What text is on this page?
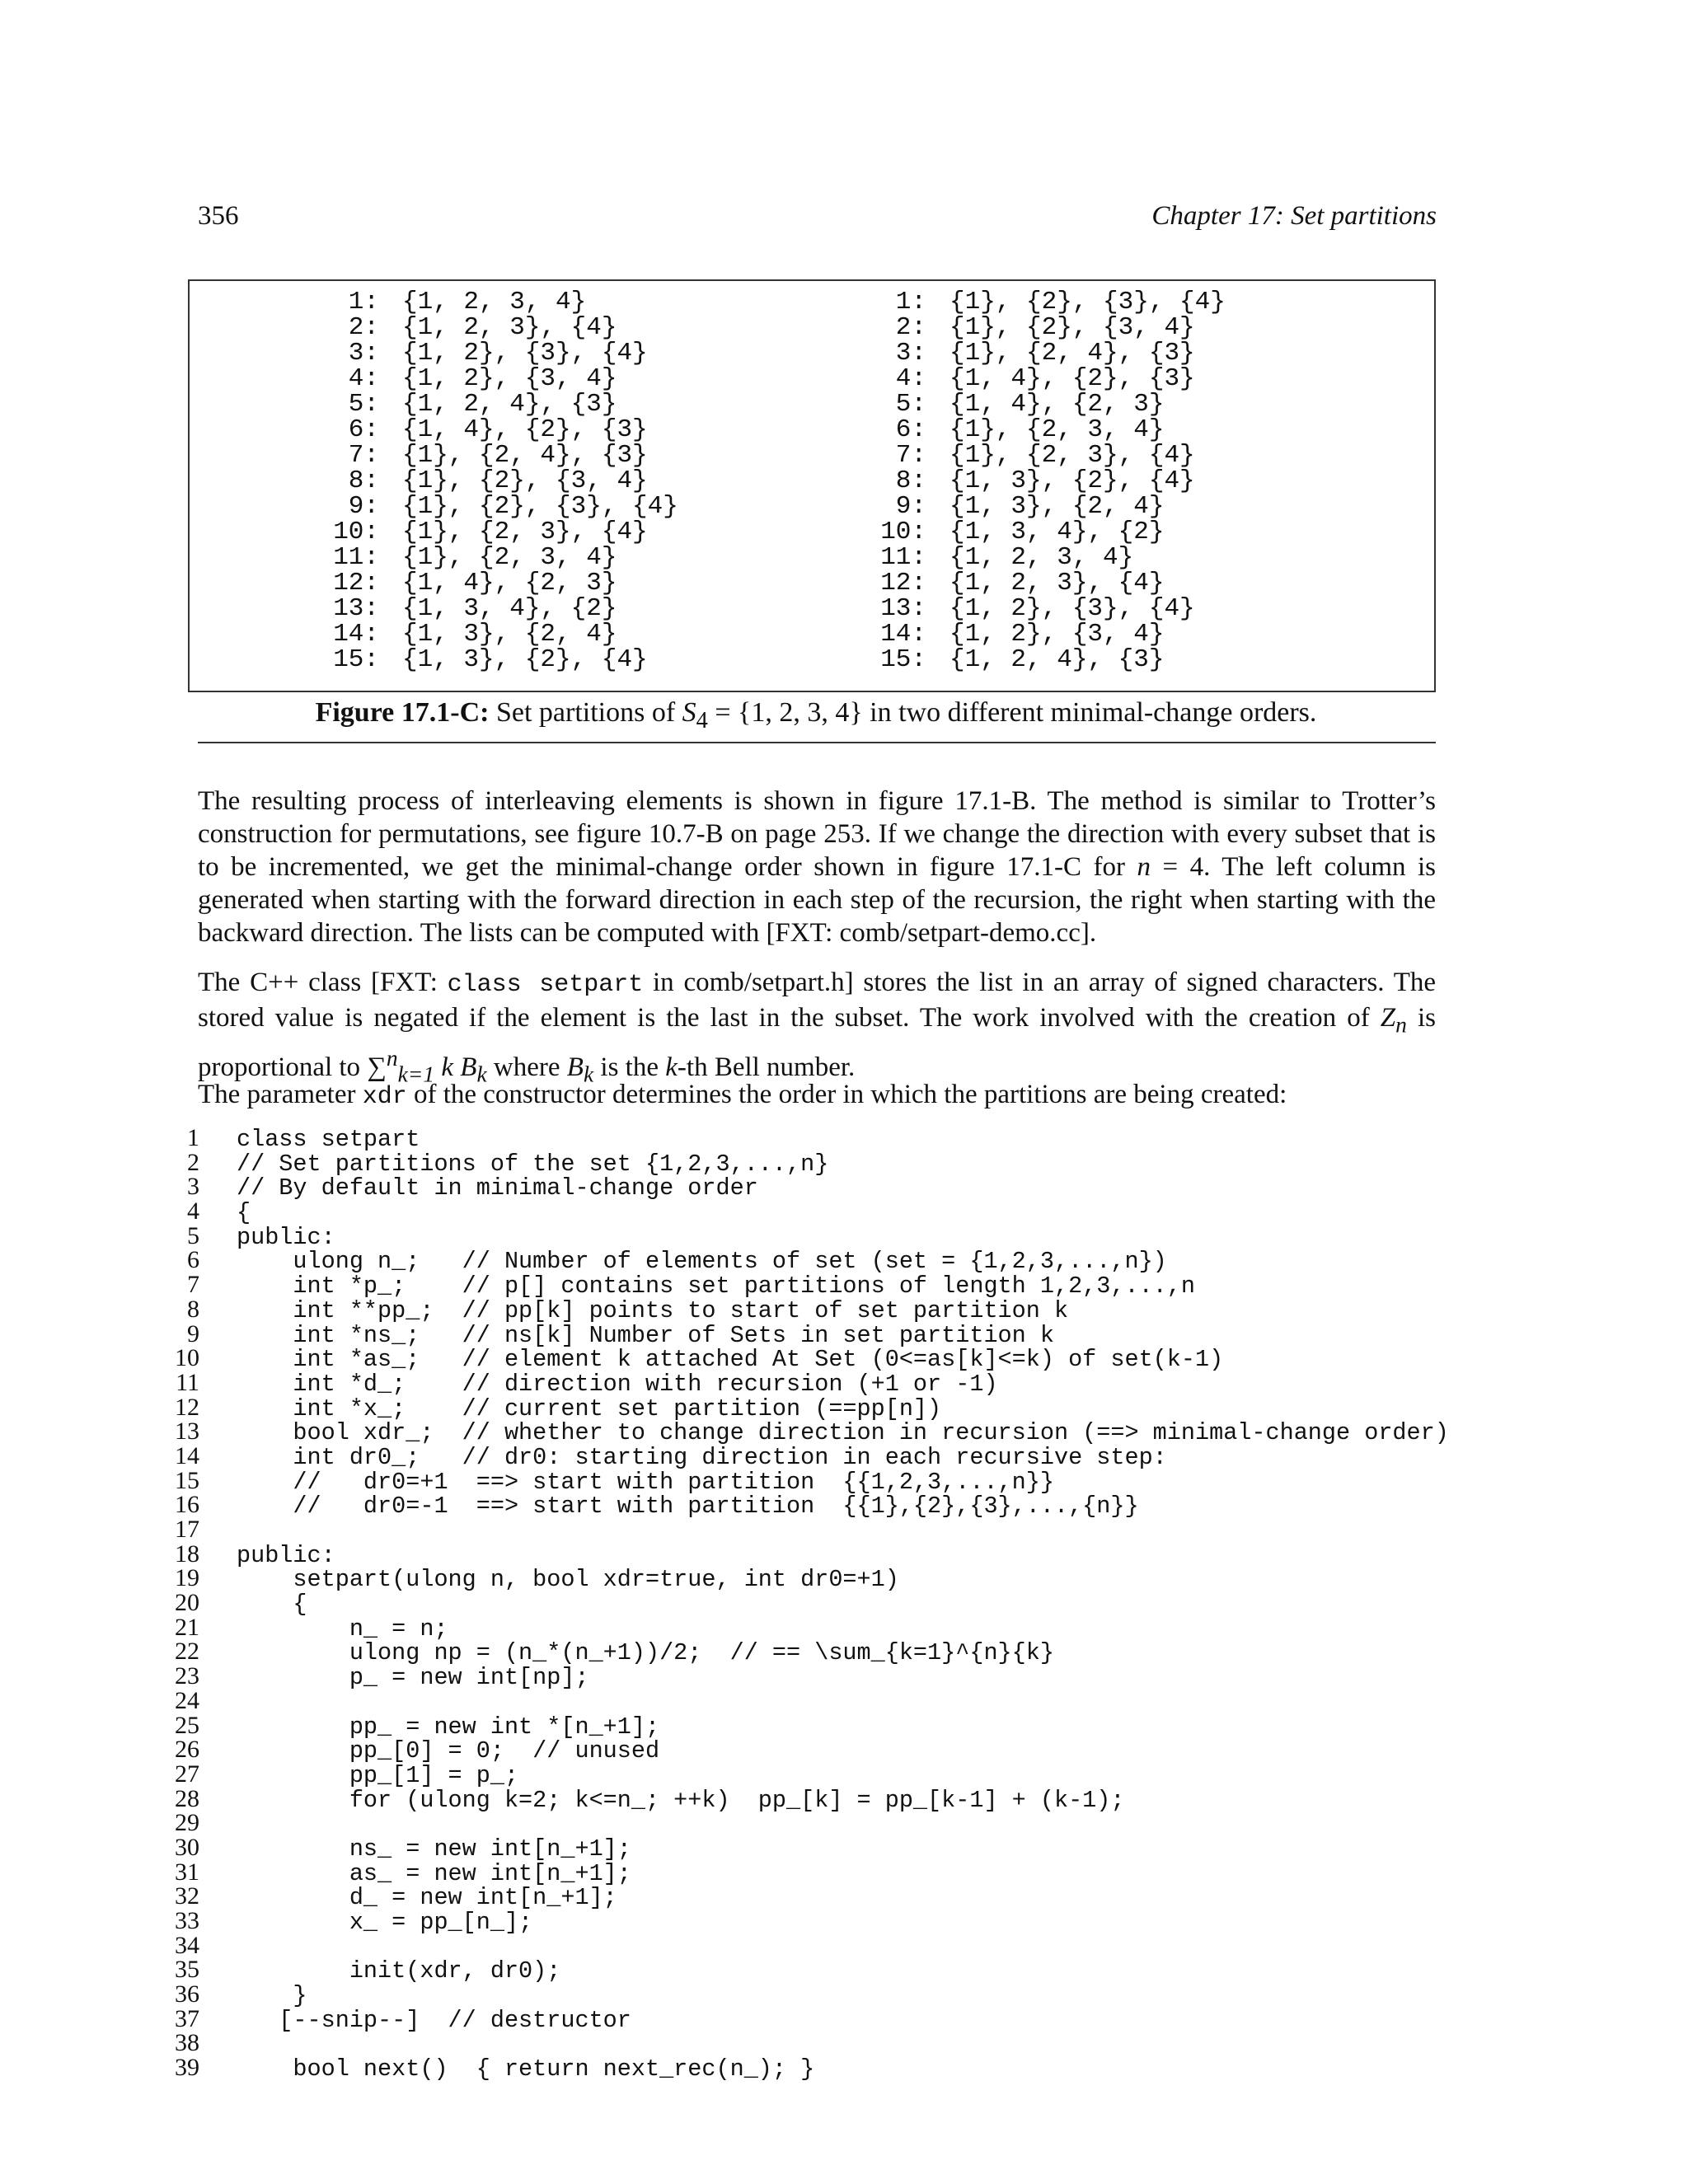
356	Chapter 17: Set partitions
1: {1, 2, 3, 4}
2: {1, 2, 3}, {4}
3: {1, 2}, {3}, {4}
4: {1, 2}, {3, 4}
5: {1, 2, 4}, {3}
6: {1, 4}, {2}, {3}
7: {1}, {2, 4}, {3}
8: {1}, {2}, {3, 4}
9: {1}, {2}, {3}, {4}
10: {1}, {2, 3}, {4}
11: {1}, {2, 3, 4}
12: {1, 4}, {2, 3}
13: {1, 3, 4}, {2}
14: {1, 3}, {2, 4}
15: {1, 3}, {2}, {4}
1: {1}, {2}, {3}, {4}
2: {1}, {2}, {3, 4}
3: {1}, {2, 4}, {3}
4: {1, 4}, {2}, {3}
5: {1, 4}, {2, 3}
6: {1}, {2, 3, 4}
7: {1}, {2, 3}, {4}
8: {1, 3}, {2}, {4}
9: {1, 3}, {2, 4}
10: {1, 3, 4}, {2}
11: {1, 2, 3, 4}
12: {1, 2, 3}, {4}
13: {1, 2}, {3}, {4}
14: {1, 2}, {3, 4}
15: {1, 2, 4}, {3}
Figure 17.1-C: Set partitions of $S_4 = \{1$, 2, 3, 4} in two different minimal-change orders.

The resulting process of interleaving elements is shown in figure 17.1-B. The method is similar to Trotter’s construction for permutations, see figure 10.7-B on page 253. If we change the direction with every subset that is to be incremented, we get the minimal-change order shown in figure 17.1-C for n = 4. The left column is generated when starting with the forward direction in each step of the recursion, the right when starting with the backward direction. The lists can be computed with [FXT: comb/setpart-demo.cc].

The C++ class [FXT: class setpart in comb/setpart.h] stores the list in an array of signed characters. The stored value is negated if the element is the last in the subset. The work involved with the creation of $Z_n$ is proportional to ∑$^n_{k=1}$ k $B_k$ where $B_k$ is the k-th Bell number.

The parameter xdr of the constructor determines the order in which the partitions are being created:

1 class setpart
2 // Set partitions of the set {1,2,3,...,n}
3 // By default in minimal-change order
4 {
5 public:
6    ulong n_;   // Number of elements of set (set = {1,2,3,...,n})
7    int *p_;    // p[] contains set partitions of length 1,2,3,...,n
8    int **pp_;  // pp[k] points to start of set partition k
9    int *ns_;   // ns[k] Number of Sets in set partition k
10    int *as_;   // element k attached At Set (0<=as[k]<=k) of set(k-1)
11    int *d_;    // direction with recursion (+1 or -1)
12    int *x_;    // current set partition (==pp[n])
13    bool xdr_;  // whether to change direction in recursion (==> minimal-change order)
14    int dr0_;   // dr0: starting direction in each recursive step:
15    //   dr0=+1  ==> start with partition  {{1,2,3,...,n}}
16    //   dr0=-1  ==> start with partition  {{1},{2},{3},...,{n}}
17
18 public:
19    setpart(ulong n, bool xdr=true, int dr0=+1)
20    {
21        n_ = n;
22        ulong np = (n_*(n_+1))/2;  // == \sum_{k=1}^{n}{k}
23        p_ = new int[np];
24
25        pp_ = new int *[n_+1];
26        pp_[0] = 0;  // unused
27        pp_[1] = p_;
28        for (ulong k=2; k<=n_; ++k)  pp_[k] = pp_[k-1] + (k-1);
29
30        ns_ = new int[n_+1];
31        as_ = new int[n_+1];
32        d_ = new int[n_+1];
33        x_ = pp_[n_];
34
35        init(xdr, dr0);
36    }
37   [--snip--]  // destructor
38
39    bool next()  { return next_rec(n_); }
